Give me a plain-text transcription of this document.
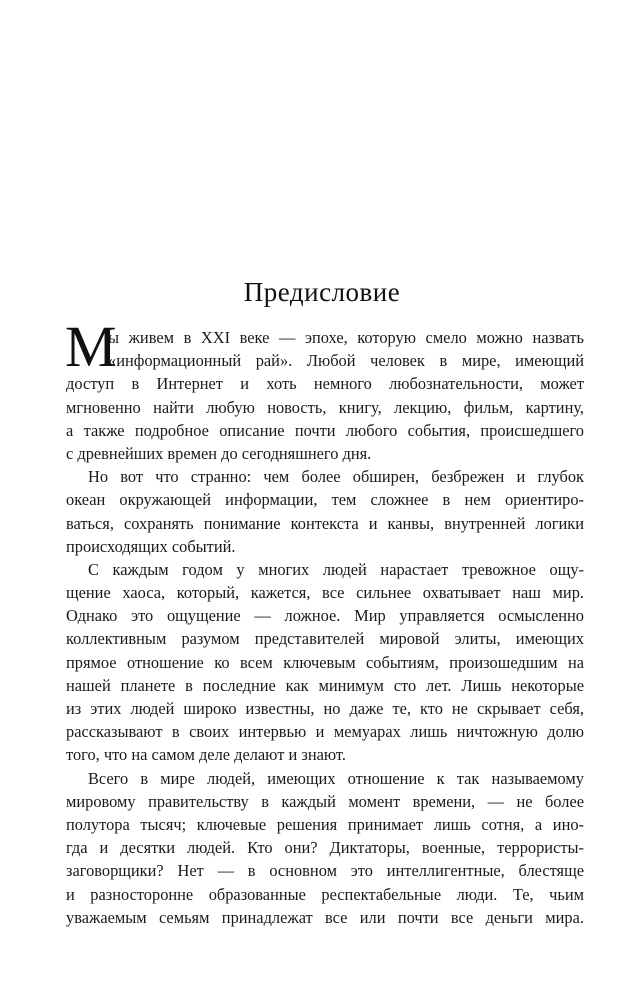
Предисловие
М
ы живем в XXI веке — эпохе, которую смело можно назвать
«информационный рай». Любой человек в мире, имеющий
доступ в Интернет и хоть немного любознательности, может
мгновенно найти любую новость, книгу, лекцию, фильм, картину,
а также подробное описание почти любого события, происшедшего
с древнейших времен до сегодняшнего дня.
Но вот что странно: чем более обширен, безбрежен и глубок
океан окружающей информации, тем сложнее в нем ориентиро-
ваться, сохранять понимание контекста и канвы, внутренней логики
происходящих событий.
С каждым годом у многих людей нарастает тревожное ощу-
щение хаоса, который, кажется, все сильнее охватывает наш мир.
Однако это ощущение — ложное. Мир управляется осмысленно
коллективным разумом представителей мировой элиты, имеющих
прямое отношение ко всем ключевым событиям, произошедшим на
нашей планете в последние как минимум сто лет. Лишь некоторые
из этих людей широко известны, но даже те, кто не скрывает себя,
рассказывают в своих интервью и мемуарах лишь ничтожную долю
того, что на самом деле делают и знают.
Всего в мире людей, имеющих отношение к так называемому
мировому правительству в каждый момент времени, — не более
полутора тысяч; ключевые решения принимает лишь сотня, а ино-
гда и десятки людей. Кто они? Диктаторы, военные, террористы-
заговорщики? Нет — в основном это интеллигентные, блестяще
и разносторонне образованные респектабельные люди. Те, чьим
уважаемым семьям принадлежат все или почти все деньги мира.
